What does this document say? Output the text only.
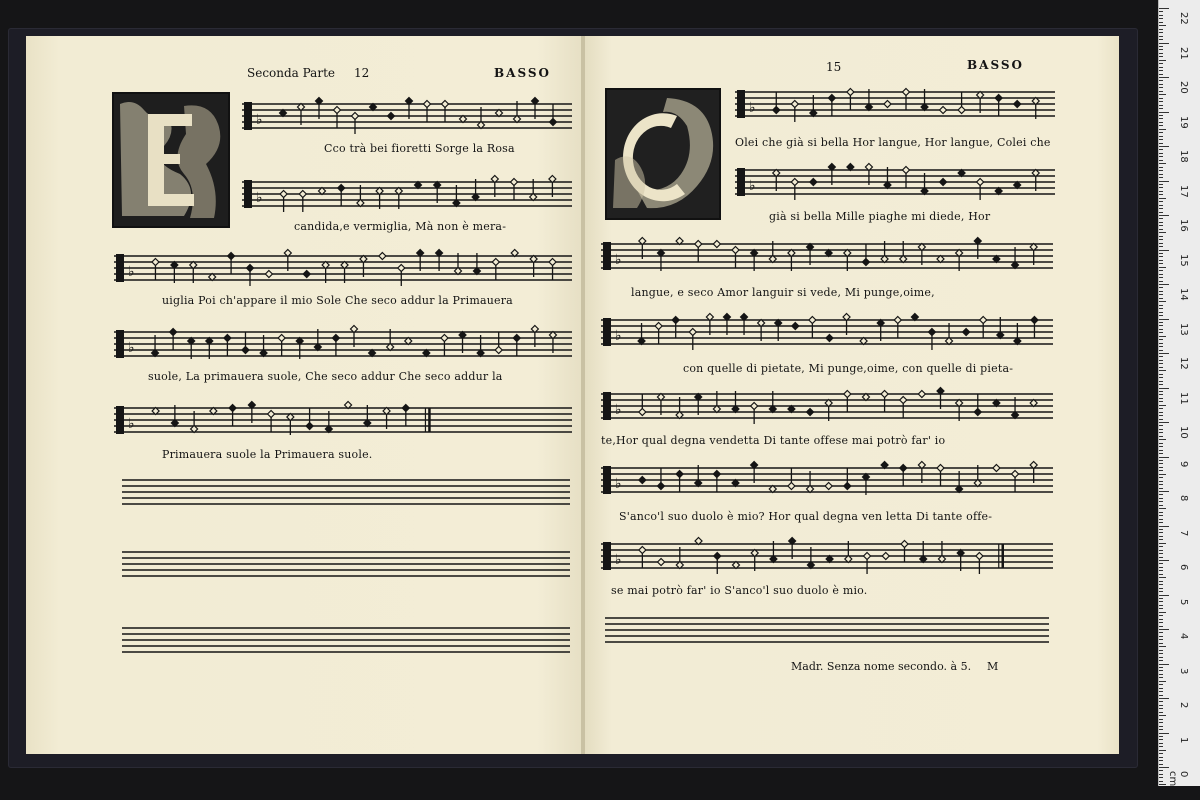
Seconda Parte 12	BASSO
E
♭
Cco trà bei fioretti Sorge la Rosa
♭
candida,e vermiglia, Mà non è mera-
♭
uiglia Poi ch'appare il mio Sole Che seco addur la Primauera
♭
suole, La primauera suole, Che seco addur Che seco addur la
♭
Primauera suole la Primauera suole.
15	BASSO
C
♭
Olei che già si bella Hor langue, Hor langue, Colei che
♭
già si bella Mille piaghe mi diede, Hor
♭
langue, e seco Amor languir si vede, Mi punge,oime,
♭
con quelle di pietate, Mi punge,oime, con quelle di pieta-
♭
te,Hor qual degna vendetta Di tante offese mai potrò far' io
♭
S'anco'l suo duolo è mio? Hor qual degna ven letta Di tante offe-
♭
se mai potrò far' io S'anco'l suo duolo è mio.
Madr. Senza nome secondo. à 5. M
22
21
20
19
18
17
16
15
14
13
12
11
10
9
8
7
6
5
4
3
2
1
0 cm
